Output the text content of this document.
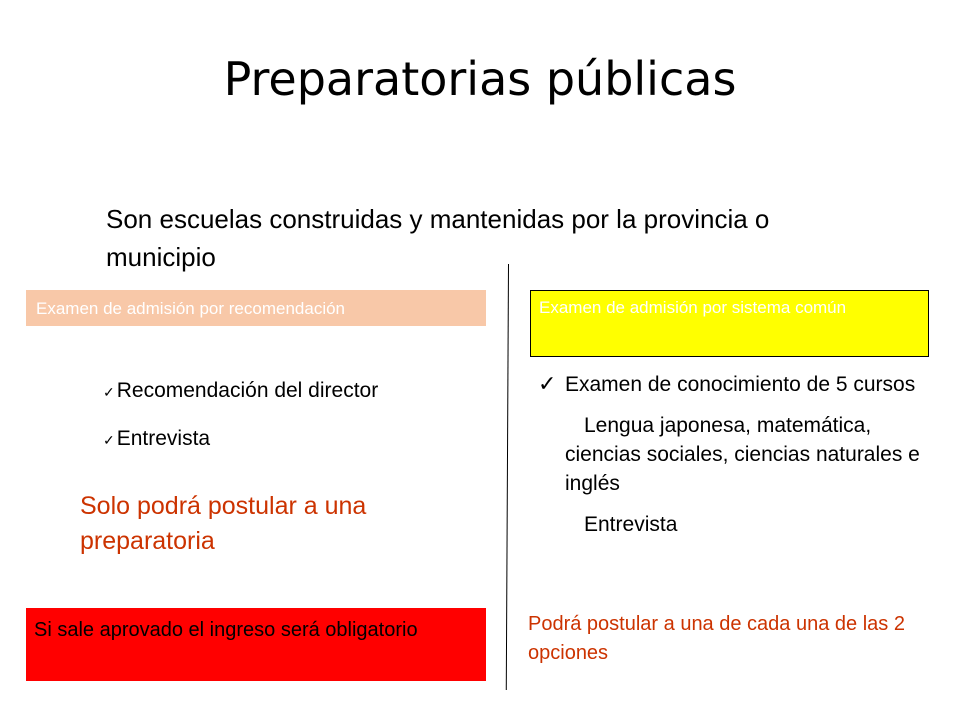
Preparatorias públicas
Son escuelas construidas y mantenidas por la provincia o municipio
Examen de admisión por recomendación	Examen de admisión por sistema común
✓Recomendación del director
✓Entrevista
Solo podrá postular a una preparatoria
Si sale aprovado el ingreso será obligatorio
✓
Examen de conocimiento de 5 cursos
Lengua japonesa, matemática, ciencias sociales, ciencias naturales e inglés
Entrevista
Podrá postular a una de cada una de las 2 opciones
